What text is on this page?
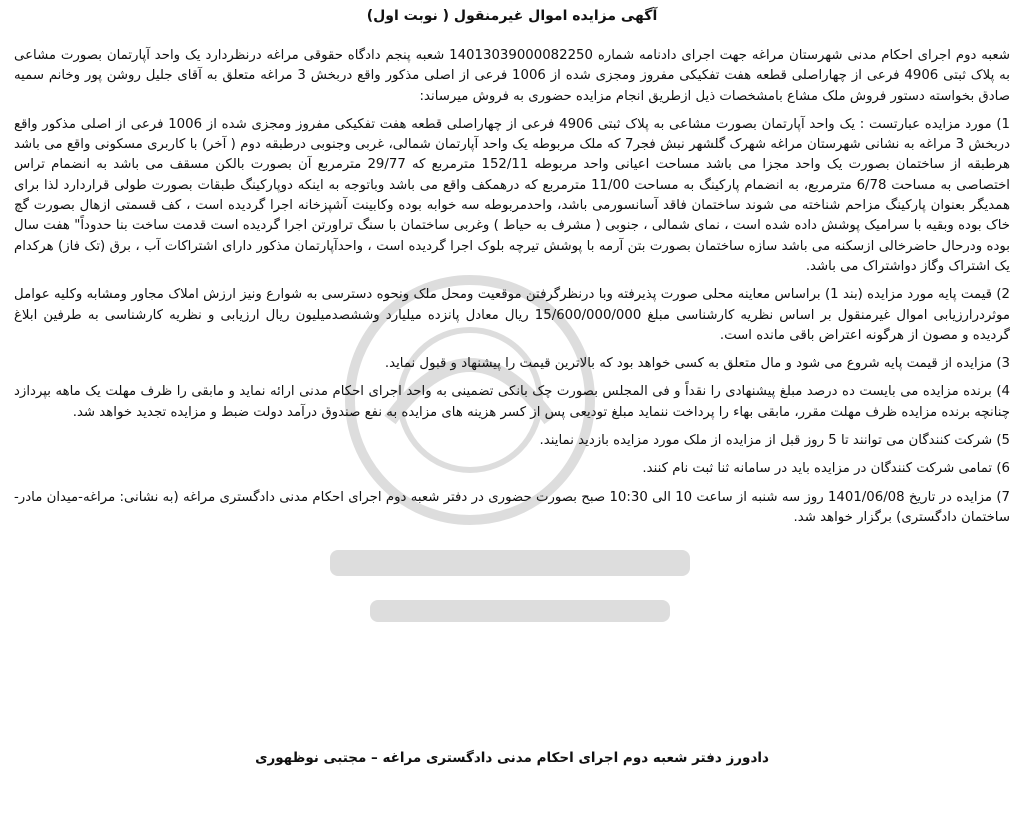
آگهی مزایده اموال غیرمنقول ( نوبت اول)

شعبه دوم اجرای احکام مدنی شهرستان مراغه جهت اجرای دادنامه شماره 14013039000082250 شعبه پنجم دادگاه حقوقی مراغه درنظردارد یک واحد آپارتمان بصورت مشاعی به پلاک ثبتی 4906 فرعی از چهاراصلی قطعه هفت تفکیکی مفروز ومجزی شده از 1006 فرعی از اصلی مذکور واقع دربخش 3 مراغه متعلق به آقای جلیل روشن پور وخانم سمیه صادق بخواسته دستور فروش ملک مشاع بامشخصات ذیل ازطریق انجام مزایده حضوری به فروش میرساند:

1) مورد مزایده عبارتست : یک واحد آپارتمان بصورت مشاعی به پلاک ثبتی 4906 فرعی از چهاراصلی قطعه هفت تفکیکی مفروز ومجزی شده از 1006 فرعی از اصلی مذکور واقع دربخش 3 مراغه به نشانی شهرستان مراغه شهرک گلشهر نبش فجر7 که ملک مربوطه یک واحد آپارتمان شمالی، غربی وجنوبی درطبقه دوم ( آخر) با کاربری مسکونی واقع می باشد هرطبقه از ساختمان بصورت یک واحد مجزا می باشد مساحت اعیانی واحد مربوطه 152/11 مترمربع که 29/77 مترمربع آن بصورت بالکن مسقف می باشد به انضمام تراس اختصاصی به مساحت 6/78 مترمربع، به انضمام پارکینگ به مساحت 11/00 مترمربع که درهمکف واقع می باشد وباتوجه به اینکه دوپارکینگ طبقات بصورت طولی قراردارد لذا برای همدیگر بعنوان پارکینگ مزاحم شناخته می شوند ساختمان فاقد آسانسورمی باشد، واحدمربوطه سه خوابه بوده وکابینت آشپزخانه اجرا گردیده است ، کف قسمتی ازهال بصورت گچ خاک بوده وبقیه با سرامیک پوشش داده شده است ، نمای شمالی ، جنوبی ( مشرف به حیاط ) وغربی ساختمان با سنگ تراورتن اجرا گردیده است قدمت ساخت بنا حدوداً" هفت سال بوده ودرحال حاضرخالی ازسکنه می باشد سازه ساختمان بصورت بتن آرمه با پوشش تیرچه بلوک اجرا گردیده است ، واحدآپارتمان مذکور دارای اشتراکات آب ، برق (تک فاز) هرکدام یک اشتراک وگاز دواشتراک می باشد.

2) قیمت پایه مورد مزایده (بند 1) براساس معاینه محلی صورت پذیرفته وبا درنظرگرفتن موقعیت ومحل ملک ونحوه دسترسی به شوارع ونیز ارزش املاک مجاور ومشابه وکلیه عوامل موثردرارزیابی اموال غیرمنقول بر اساس نظریه کارشناسی مبلغ 15/600/000/000 ریال معادل پانزده میلیارد وششصدمیلیون ریال ارزیابی و نظریه کارشناسی به طرفین ابلاغ گردیده و مصون از هرگونه اعتراض باقی مانده است.

3) مزایده از قیمت پایه شروع می شود و مال متعلق به کسی خواهد بود که بالاترین قیمت را پیشنهاد و قبول نماید.

4) برنده مزایده می بایست ده درصد مبلغ پیشنهادی را نقداً و فی المجلس بصورت چک بانکی تضمینی به واحد اجرای احکام مدنی ارائه نماید و مابقی را ظرف مهلت یک ماهه بپردازد چنانچه برنده مزایده ظرف مهلت مقرر، مابقی بهاء را پرداخت ننماید مبلغ تودیعی پس از کسر هزینه های مزایده به نفع صندوق درآمد دولت ضبط و مزایده تجدید خواهد شد.

5) شرکت کنندگان می توانند تا 5 روز قبل از مزایده از ملک مورد مزایده بازدید نمایند.

6) تمامی شرکت کنندگان در مزایده باید در سامانه ثنا ثبت نام کنند.

7) مزایده در تاریخ 1401/06/08 روز سه شنبه از ساعت 10 الی 10:30 صبح بصورت حضوری در دفتر شعبه دوم اجرای احکام مدنی دادگستری مراغه (به نشانی: مراغه-میدان مادر-ساختمان دادگستری) برگزار خواهد شد.

دادورز دفتر شعبه دوم اجرای احکام مدنی دادگستری مراغه – مجتبی نوظهوری
